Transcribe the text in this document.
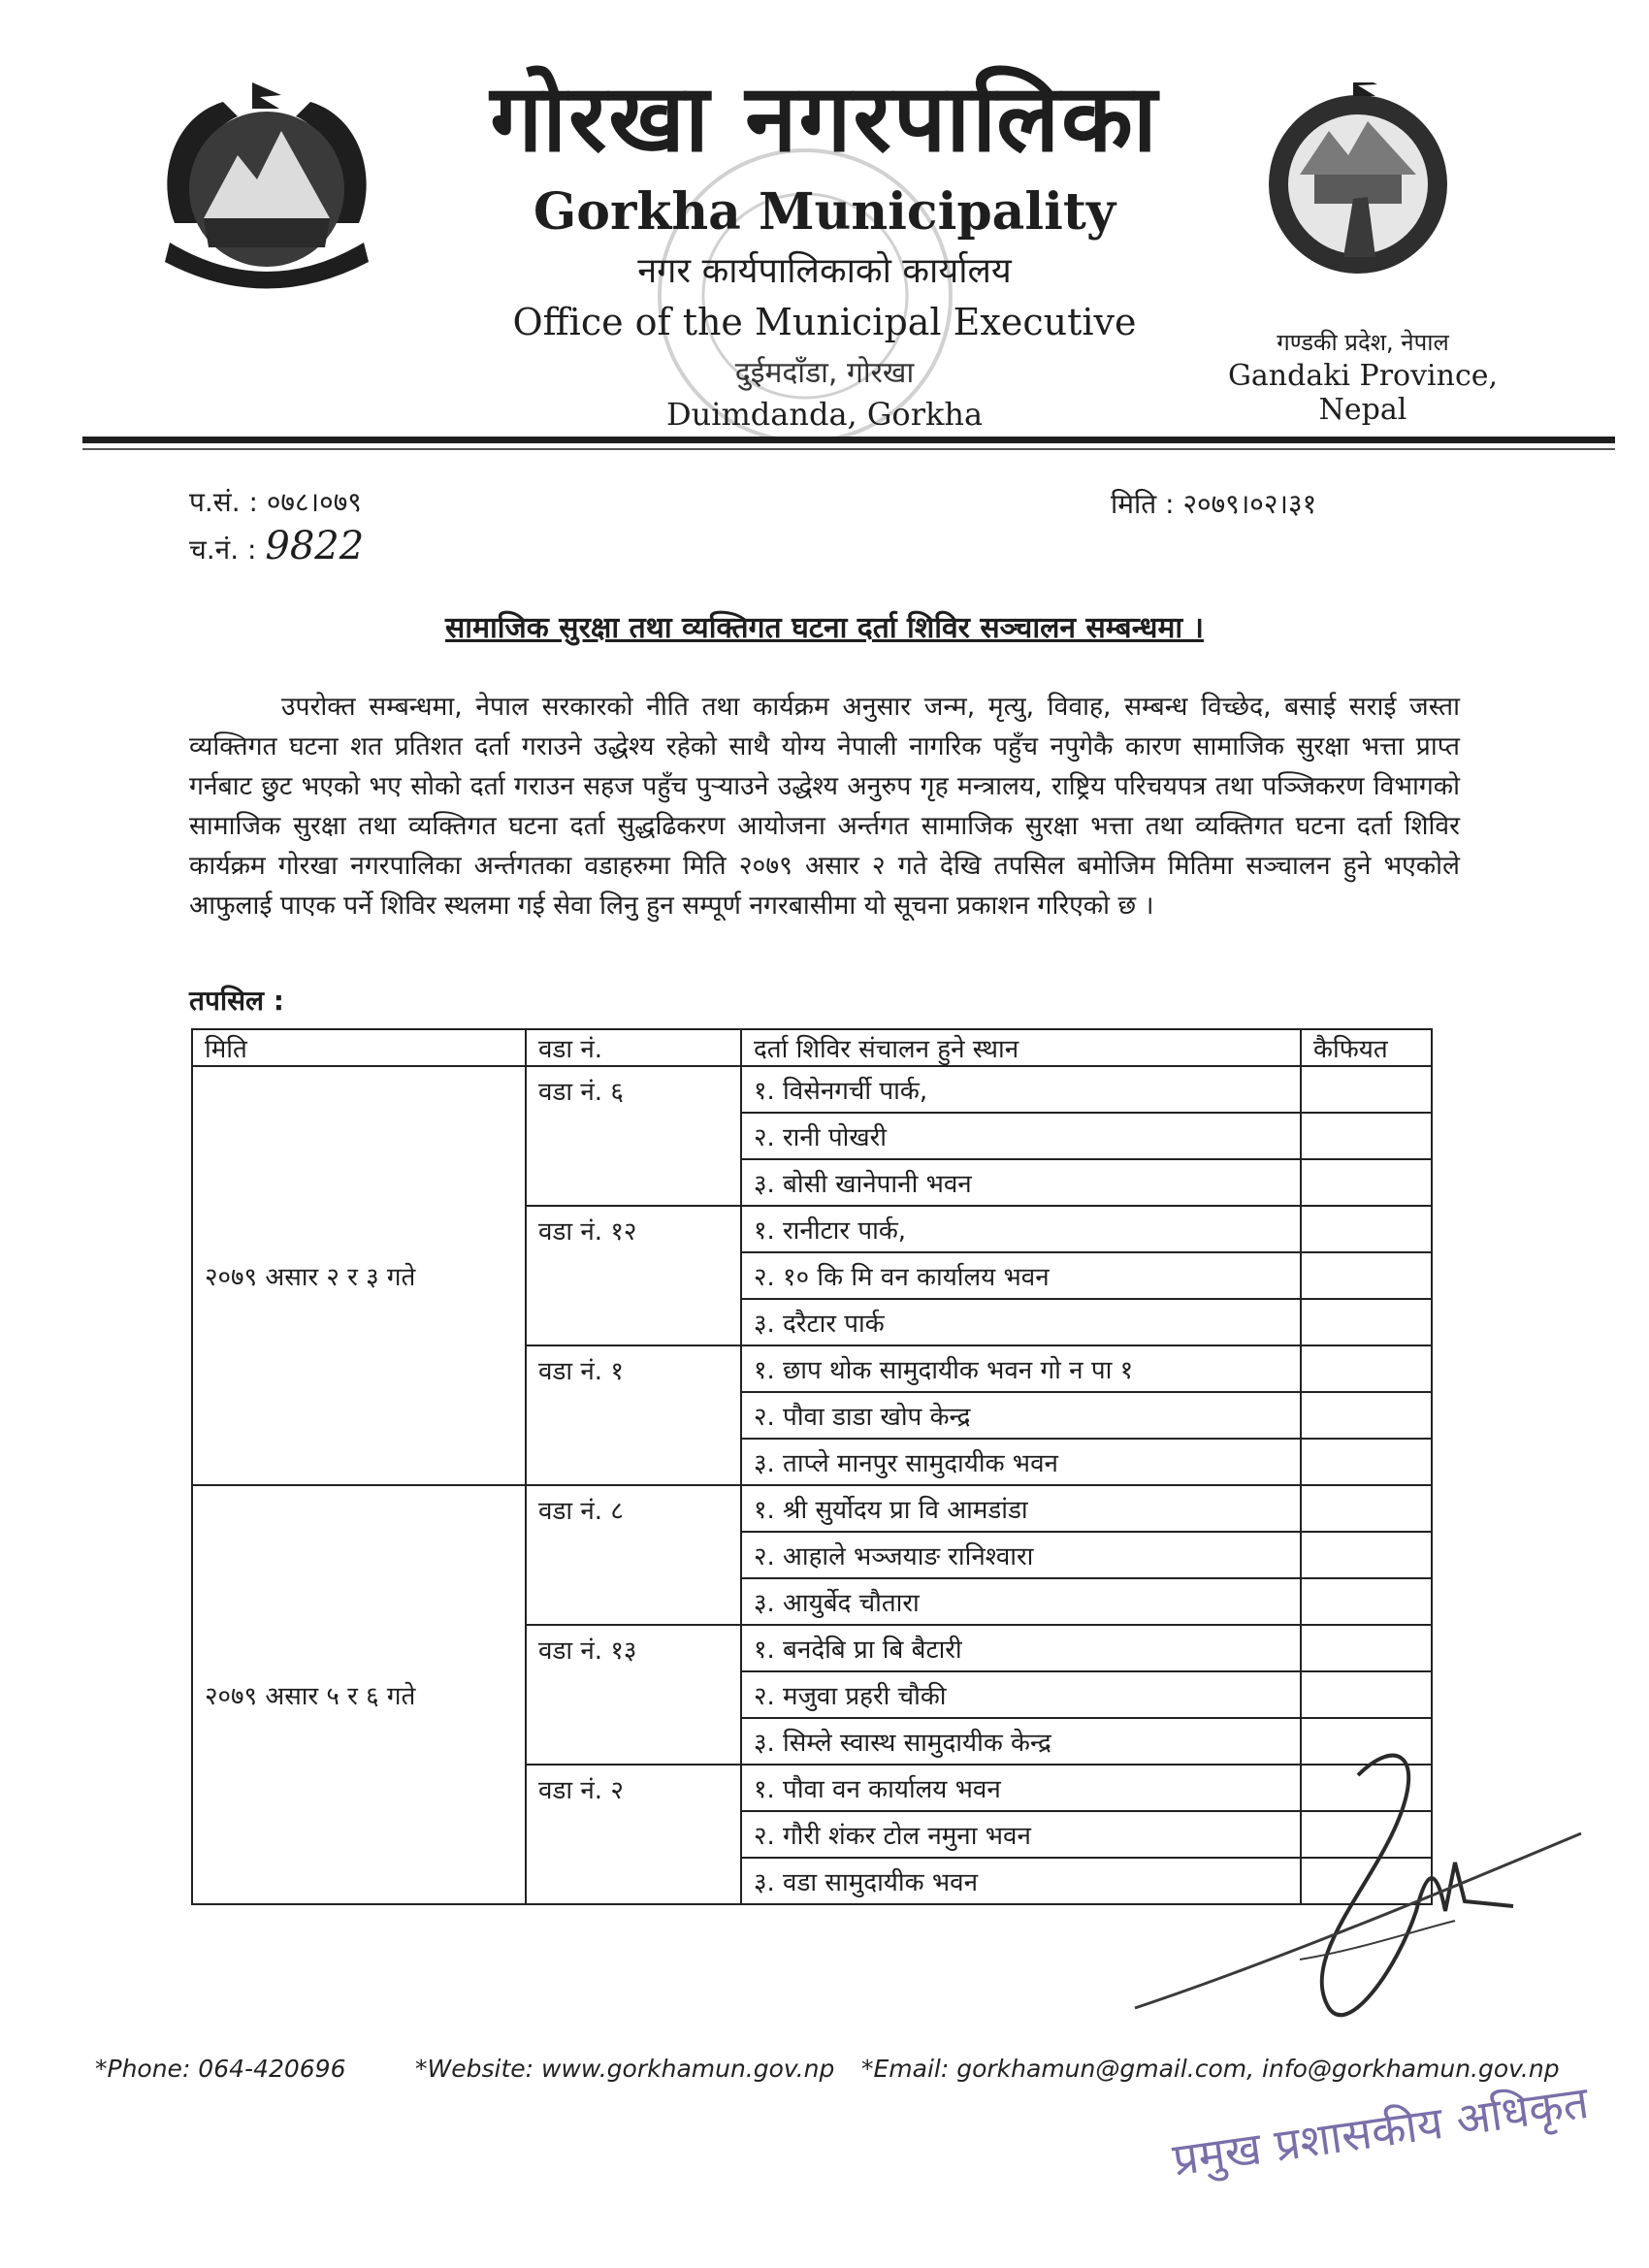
गोरखा नगरपालिका
Gorkha Municipality
नगर कार्यपालिकाको कार्यालय
Office of the Municipal Executive
दुईमदाँडा, गोरखा
Duimdanda, Gorkha
गण्डकी प्रदेश, नेपाल
Gandaki Province, Nepal
प.सं. : ०७८।०७९
च.नं. : 9822
मिति : २०७९।०२।३१
सामाजिक सुरक्षा तथा व्यक्तिगत घटना दर्ता शिविर सञ्चालन सम्बन्धमा ।

उपरोक्त सम्बन्धमा, नेपाल सरकारको नीति तथा कार्यक्रम अनुसार जन्म, मृत्यु, विवाह, सम्बन्ध विच्छेद, बसाई सराई जस्ता व्यक्तिगत घटना शत प्रतिशत दर्ता गराउने उद्धेश्य रहेको साथै योग्य नेपाली नागरिक पहुँच नपुगेकै कारण सामाजिक सुरक्षा भत्ता प्राप्त गर्नबाट छुट भएको भए सोको दर्ता गराउन सहज पहुँच पुऱ्याउने उद्धेश्य अनुरुप गृह मन्त्रालय, राष्ट्रिय परिचयपत्र तथा पञ्जिकरण विभागको सामाजिक सुरक्षा तथा व्यक्तिगत घटना दर्ता सुद्धढिकरण आयोजना अर्न्तगत सामाजिक सुरक्षा भत्ता तथा व्यक्तिगत घटना दर्ता शिविर कार्यक्रम गोरखा नगरपालिका अर्न्तगतका वडाहरुमा मिति २०७९ असार २ गते देखि तपसिल बमोजिम मितिमा सञ्चालन हुने भएकोले आफुलाई पाएक पर्ने शिविर स्थलमा गई सेवा लिनु हुन सम्पूर्ण नगरबासीमा यो सूचना प्रकाशन गरिएको छ ।

तपसिल :
मिति	वडा नं.	दर्ता शिविर संचालन हुने स्थान	कैफियत
२०७९ असार २ र ३ गते	वडा नं. ६	१. विसेनगर्ची पार्क,	
		२. रानी पोखरी	
		३. बोसी खानेपानी भवन	
	वडा नं. १२	१. रानीटार पार्क,	
		२. १० कि मि वन कार्यालय भवन	
		३. दरैटार पार्क	
	वडा नं. १	१. छाप थोक सामुदायीक भवन गो न पा १	
		२. पौवा डाडा खोप केन्द्र	
		३. ताप्ले मानपुर सामुदायीक भवन	
२०७९ असार ५ र ६ गते	वडा नं. ८	१. श्री सुर्योदय प्रा वि आमडांडा	
		२. आहाले भञ्जयाङ रानिश्वारा	
		३. आयुर्बेद चौतारा	
	वडा नं. १३	१. बनदेबि प्रा बि बैटारी	
		२. मजुवा प्रहरी चौकी	
		३. सिम्ले स्वास्थ सामुदायीक केन्द्र	
	वडा नं. २	१. पौवा वन कार्यालय भवन	
		२. गौरी शंकर टोल नमुना भवन	
		३. वडा सामुदायीक भवन	
*Phone: 064-420696	*Website: www.gorkhamun.gov.np *Email: gorkhamun@gmail.com, info@gorkhamun.gov.np
प्रमुख प्रशासकीय अधिकृत
